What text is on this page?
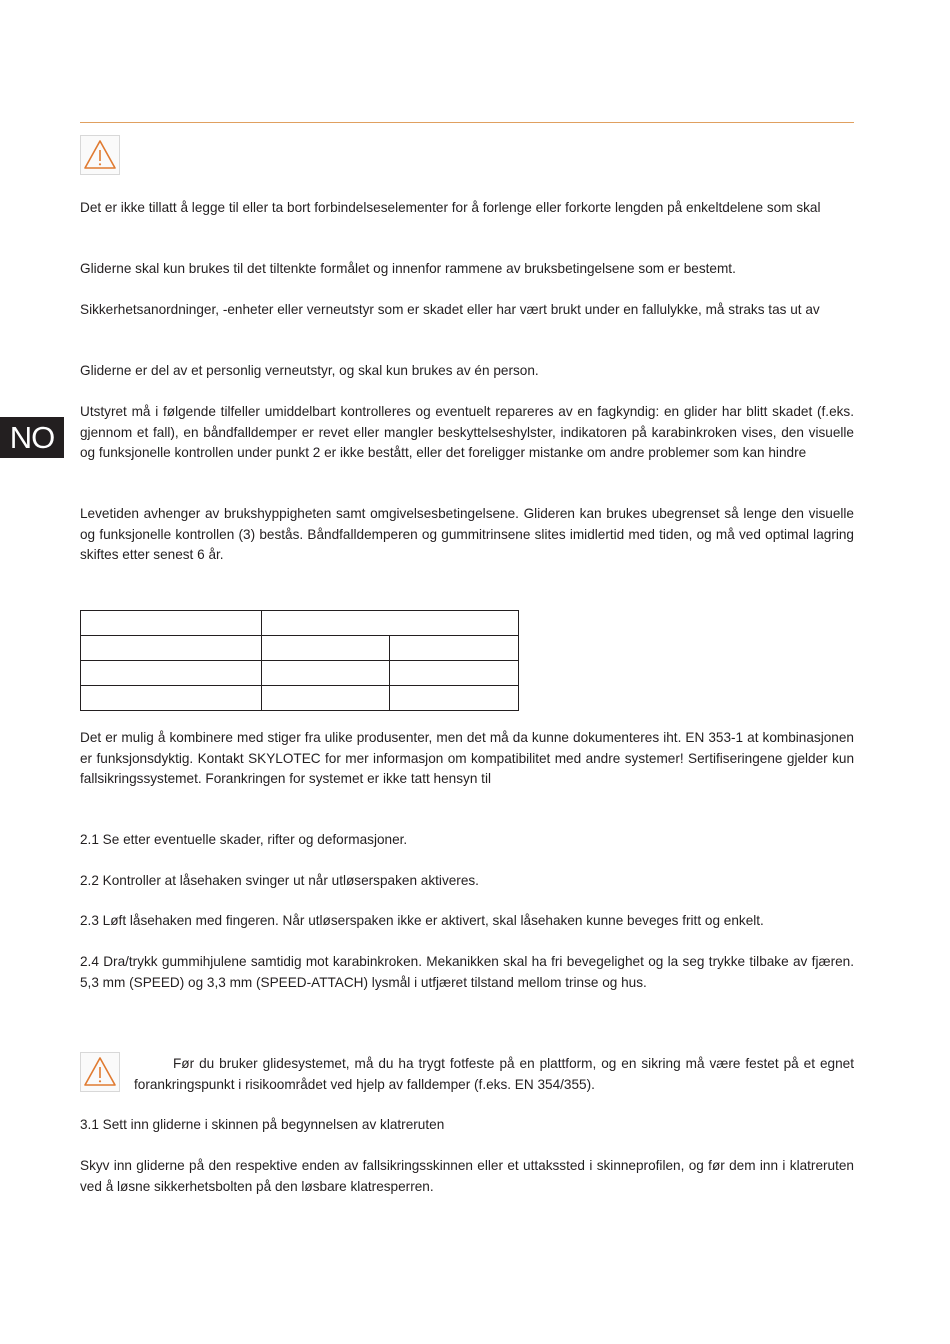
Det er ikke tillatt å legge til eller ta bort forbindelseselementer for å forlenge eller forkorte lengden på enkeltdelene som skal

Gliderne skal kun brukes til det tiltenkte formålet og innenfor rammene av bruksbetingelsene som er bestemt.

Sikkerhetsanordninger, -enheter eller verneutstyr som er skadet eller har vært brukt under en fallulykke, må straks tas ut av

Gliderne er del av et personlig verneutstyr, og skal kun brukes av én person.

Utstyret må i følgende tilfeller umiddelbart kontrolleres og eventuelt repareres av en fagkyndig: en glider har blitt skadet (f.eks. gjennom et fall), en båndfalldemper er revet eller mangler beskyttelseshylster, indikatoren på karabinkroken vises, den visuelle og funksjonelle kontrollen under punkt 2 er ikke bestått, eller det foreligger mistanke om andre problemer som kan hindre

NO

Levetiden avhenger av brukshyppigheten samt omgivelsesbetingelsene. Glideren kan brukes ubegrenset så lenge den visuelle og funksjonelle kontrollen (3) bestås. Båndfalldemperen og gummitrinsene slites imidlertid med tiden, og må ved optimal lagring skiftes etter senest 6 år.

Det er mulig å kombinere med stiger fra ulike produsenter, men det må da kunne dokumenteres iht. EN 353-1 at kombinasjonen er funksjonsdyktig. Kontakt SKYLOTEC for mer informasjon om kompatibilitet med andre systemer! Sertifiseringene gjelder kun fallsikringssystemet. Forankringen for systemet er ikke tatt hensyn til

2.1 Se etter eventuelle skader, rifter og deformasjoner.

2.2 Kontroller at låsehaken svinger ut når utløserspaken aktiveres.

2.3 Løft låsehaken med fingeren. Når utløserspaken ikke er aktivert, skal låsehaken kunne beveges fritt og enkelt.

2.4 Dra/trykk gummihjulene samtidig mot karabinkroken. Mekanikken skal ha fri bevegelighet og la seg trykke tilbake av fjæren. 5,3 mm (SPEED) og 3,3 mm (SPEED-ATTACH) lysmål i utfjæret tilstand mellom trinse og hus.

Før du bruker glidesystemet, må du ha trygt fotfeste på en plattform, og en sikring må være festet på et egnet forankringspunkt i risikoområdet ved hjelp av falldemper (f.eks. EN 354/355).

3.1 Sett inn gliderne i skinnen på begynnelsen av klatreruten

Skyv inn gliderne på den respektive enden av fallsikringsskinnen eller et uttakssted i skinneprofilen, og før dem inn i klatreruten ved å løsne sikkerhetsbolten på den løsbare klatresperren.
